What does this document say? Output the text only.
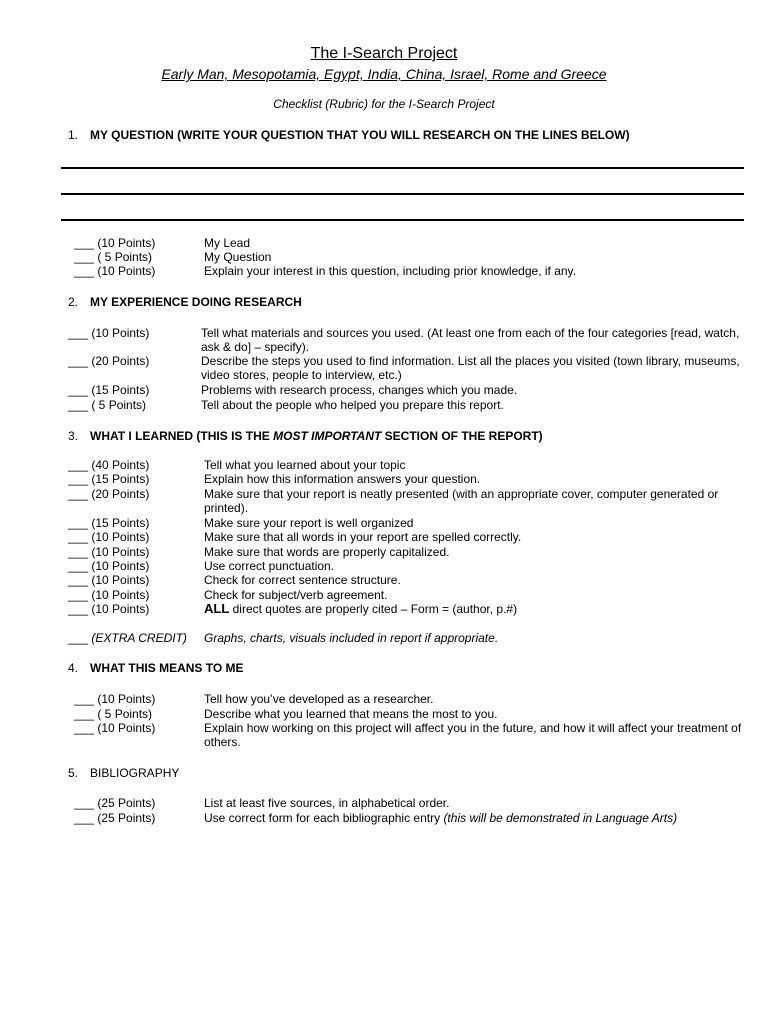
The I-Search Project
Early Man, Mesopotamia, Egypt, India, China, Israel, Rome and Greece
Checklist (Rubric) for the I-Search Project
1. MY QUESTION (WRITE YOUR QUESTION THAT YOU WILL RESEARCH ON THE LINES BELOW)
___ (10 Points)	My Lead
___ ( 5 Points)	My Question
___ (10 Points)	Explain your interest in this question, including prior knowledge, if any.
2. MY EXPERIENCE DOING RESEARCH
___ (10 Points)	Tell what materials and sources you used. (At least one from each of the four categories [read, watch, ask & do] – specify).
___ (20 Points)	Describe the steps you used to find information. List all the places you visited (town library, museums, video stores, people to interview, etc.)
___ (15 Points)	Problems with research process, changes which you made.
___ ( 5 Points)	Tell about the people who helped you prepare this report.
3. WHAT I LEARNED (THIS IS THE MOST IMPORTANT SECTION OF THE REPORT)
___ (40 Points)	Tell what you learned about your topic
___ (15 Points)	Explain how this information answers your question.
___ (20 Points)	Make sure that your report is neatly presented (with an appropriate cover, computer generated or printed).
___ (15 Points)	Make sure your report is well organized
___ (10 Points)	Make sure that all words in your report are spelled correctly.
___ (10 Points)	Make sure that words are properly capitalized.
___ (10 Points)	Use correct punctuation.
___ (10 Points)	Check for correct sentence structure.
___ (10 Points)	Check for subject/verb agreement.
___ (10 Points)	ALL direct quotes are properly cited – Form = (author, p.#)
___ (EXTRA CREDIT) Graphs, charts, visuals included in report if appropriate.
4. WHAT THIS MEANS TO ME
___ (10 Points)	Tell how you’ve developed as a researcher.
___ ( 5 Points)	Describe what you learned that means the most to you.
___ (10 Points)	Explain how working on this project will affect you in the future, and how it will affect your treatment of others.
5. BIBLIOGRAPHY
___ (25 Points)	List at least five sources, in alphabetical order.
___ (25 Points)	Use correct form for each bibliographic entry (this will be demonstrated in Language Arts)
